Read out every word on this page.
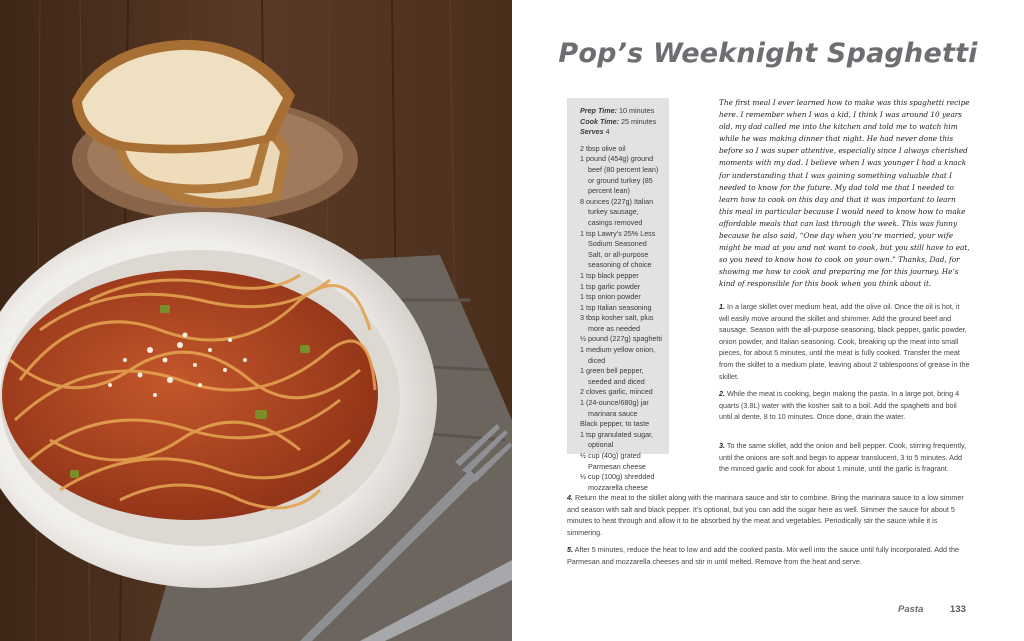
Pop’s Weeknight Spaghetti
Prep Time: 10 minutes
Cook Time: 25 minutes
Serves 4
2 tbsp olive oil
1 pound (454g) ground beef (80 percent lean) or ground turkey (85 percent lean)
8 ounces (227g) Italian turkey sausage, casings removed
1 tsp Lawry’s 25% Less Sodium Seasoned Salt, or all-purpose seasoning of choice
1 tsp black pepper
1 tsp garlic powder
1 tsp onion powder
1 tsp Italian seasoning
3 tbsp kosher salt, plus more as needed
½ pound (227g) spaghetti
1 medium yellow onion, diced
1 green bell pepper, seeded and diced
2 cloves garlic, minced
1 (24-ounce/680g) jar marinara sauce
Black pepper, to taste
1 tsp granulated sugar, optional
½ cup (40g) grated Parmesan cheese
½ cup (100g) shredded mozzarella cheese

The first meal I ever learned how to make was this spaghetti recipe here. I remember when I was a kid, I think I was around 10 years old, my dad called me into the kitchen and told me to watch him while he was making dinner that night. He had never done this before so I was super attentive, especially since I always cherished moments with my dad. I believe when I was younger I had a knack for understanding that I was gaining something valuable that I needed to know for the future. My dad told me that I needed to learn how to cook on this day and that it was important to learn this meal in particular because I would need to know how to make affordable meals that can last through the week. This was funny because he also said, “One day when you’re married, your wife might be mad at you and not want to cook, but you still have to eat, so you need to know how to cook on your own.” Thanks, Dad, for showing me how to cook and preparing me for this journey. He’s kind of responsible for this book when you think about it.

1. In a large skillet over medium heat, add the olive oil. Once the oil is hot, it will easily move around the skillet and shimmer. Add the ground beef and sausage. Season with the all-purpose seasoning, black pepper, garlic powder, onion powder, and Italian seasoning. Cook, breaking up the meat into small pieces, for about 5 minutes, until the meat is fully cooked. Transfer the meat from the skillet to a medium plate, leaving about 2 tablespoons of grease in the skillet.

2. While the meat is cooking, begin making the pasta. In a large pot, bring 4 quarts (3.8L) water with the kosher salt to a boil. Add the spaghetti and boil until al dente, 8 to 10 minutes. Once done, drain the water.

3. To the same skillet, add the onion and bell pepper. Cook, stirring frequently, until the onions are soft and begin to appear translucent, 3 to 5 minutes. Add the minced garlic and cook for about 1 minute, until the garlic is fragrant.

4. Return the meat to the skillet along with the marinara sauce and stir to combine. Bring the marinara sauce to a low simmer and season with salt and black pepper. It’s optional, but you can add the sugar here as well. Simmer the sauce for about 5 minutes to heat through and allow it to be absorbed by the meat and vegetables. Periodically stir the sauce while it is simmering.

5. After 5 minutes, reduce the heat to low and add the cooked pasta. Mix well into the sauce until fully incorporated. Add the Parmesan and mozzarella cheeses and stir in until melted. Remove from the heat and serve.

Pasta	133
